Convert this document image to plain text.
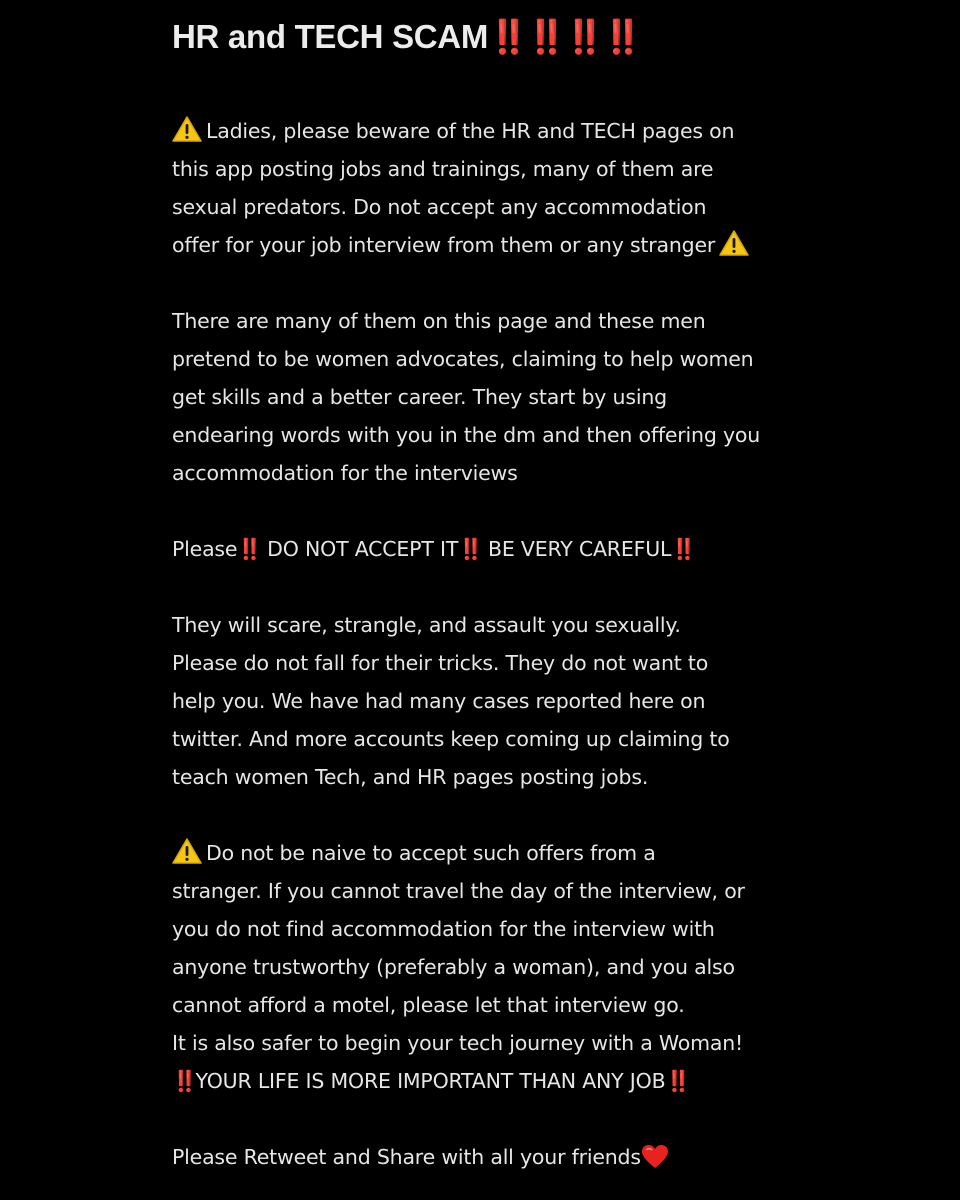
HR and TECH SCAM‼️‼️‼️‼️

Ladies, please beware of the HR and TECH pages on
this app posting jobs and trainings, many of them are
sexual predators. Do not accept any accommodation
offer for your job interview from them or any stranger

There are many of them on this page and these men
pretend to be women advocates, claiming to help women
get skills and a better career. They start by using
endearing words with you in the dm and then offering you
accommodation for the interviews

Please‼️ DO NOT ACCEPT IT‼️ BE VERY CAREFUL‼️

They will scare, strangle, and assault you sexually.
Please do not fall for their tricks. They do not want to
help you. We have had many cases reported here on
twitter. And more accounts keep coming up claiming to
teach women Tech, and HR pages posting jobs.

Do not be naive to accept such offers from a
stranger. If you cannot travel the day of the interview, or
you do not find accommodation for the interview with
anyone trustworthy (preferably a woman), and you also
cannot afford a motel, please let that interview go.
It is also safer to begin your tech journey with a Woman!
‼️YOUR LIFE IS MORE IMPORTANT THAN ANY JOB‼️

Please Retweet and Share with all your friends
